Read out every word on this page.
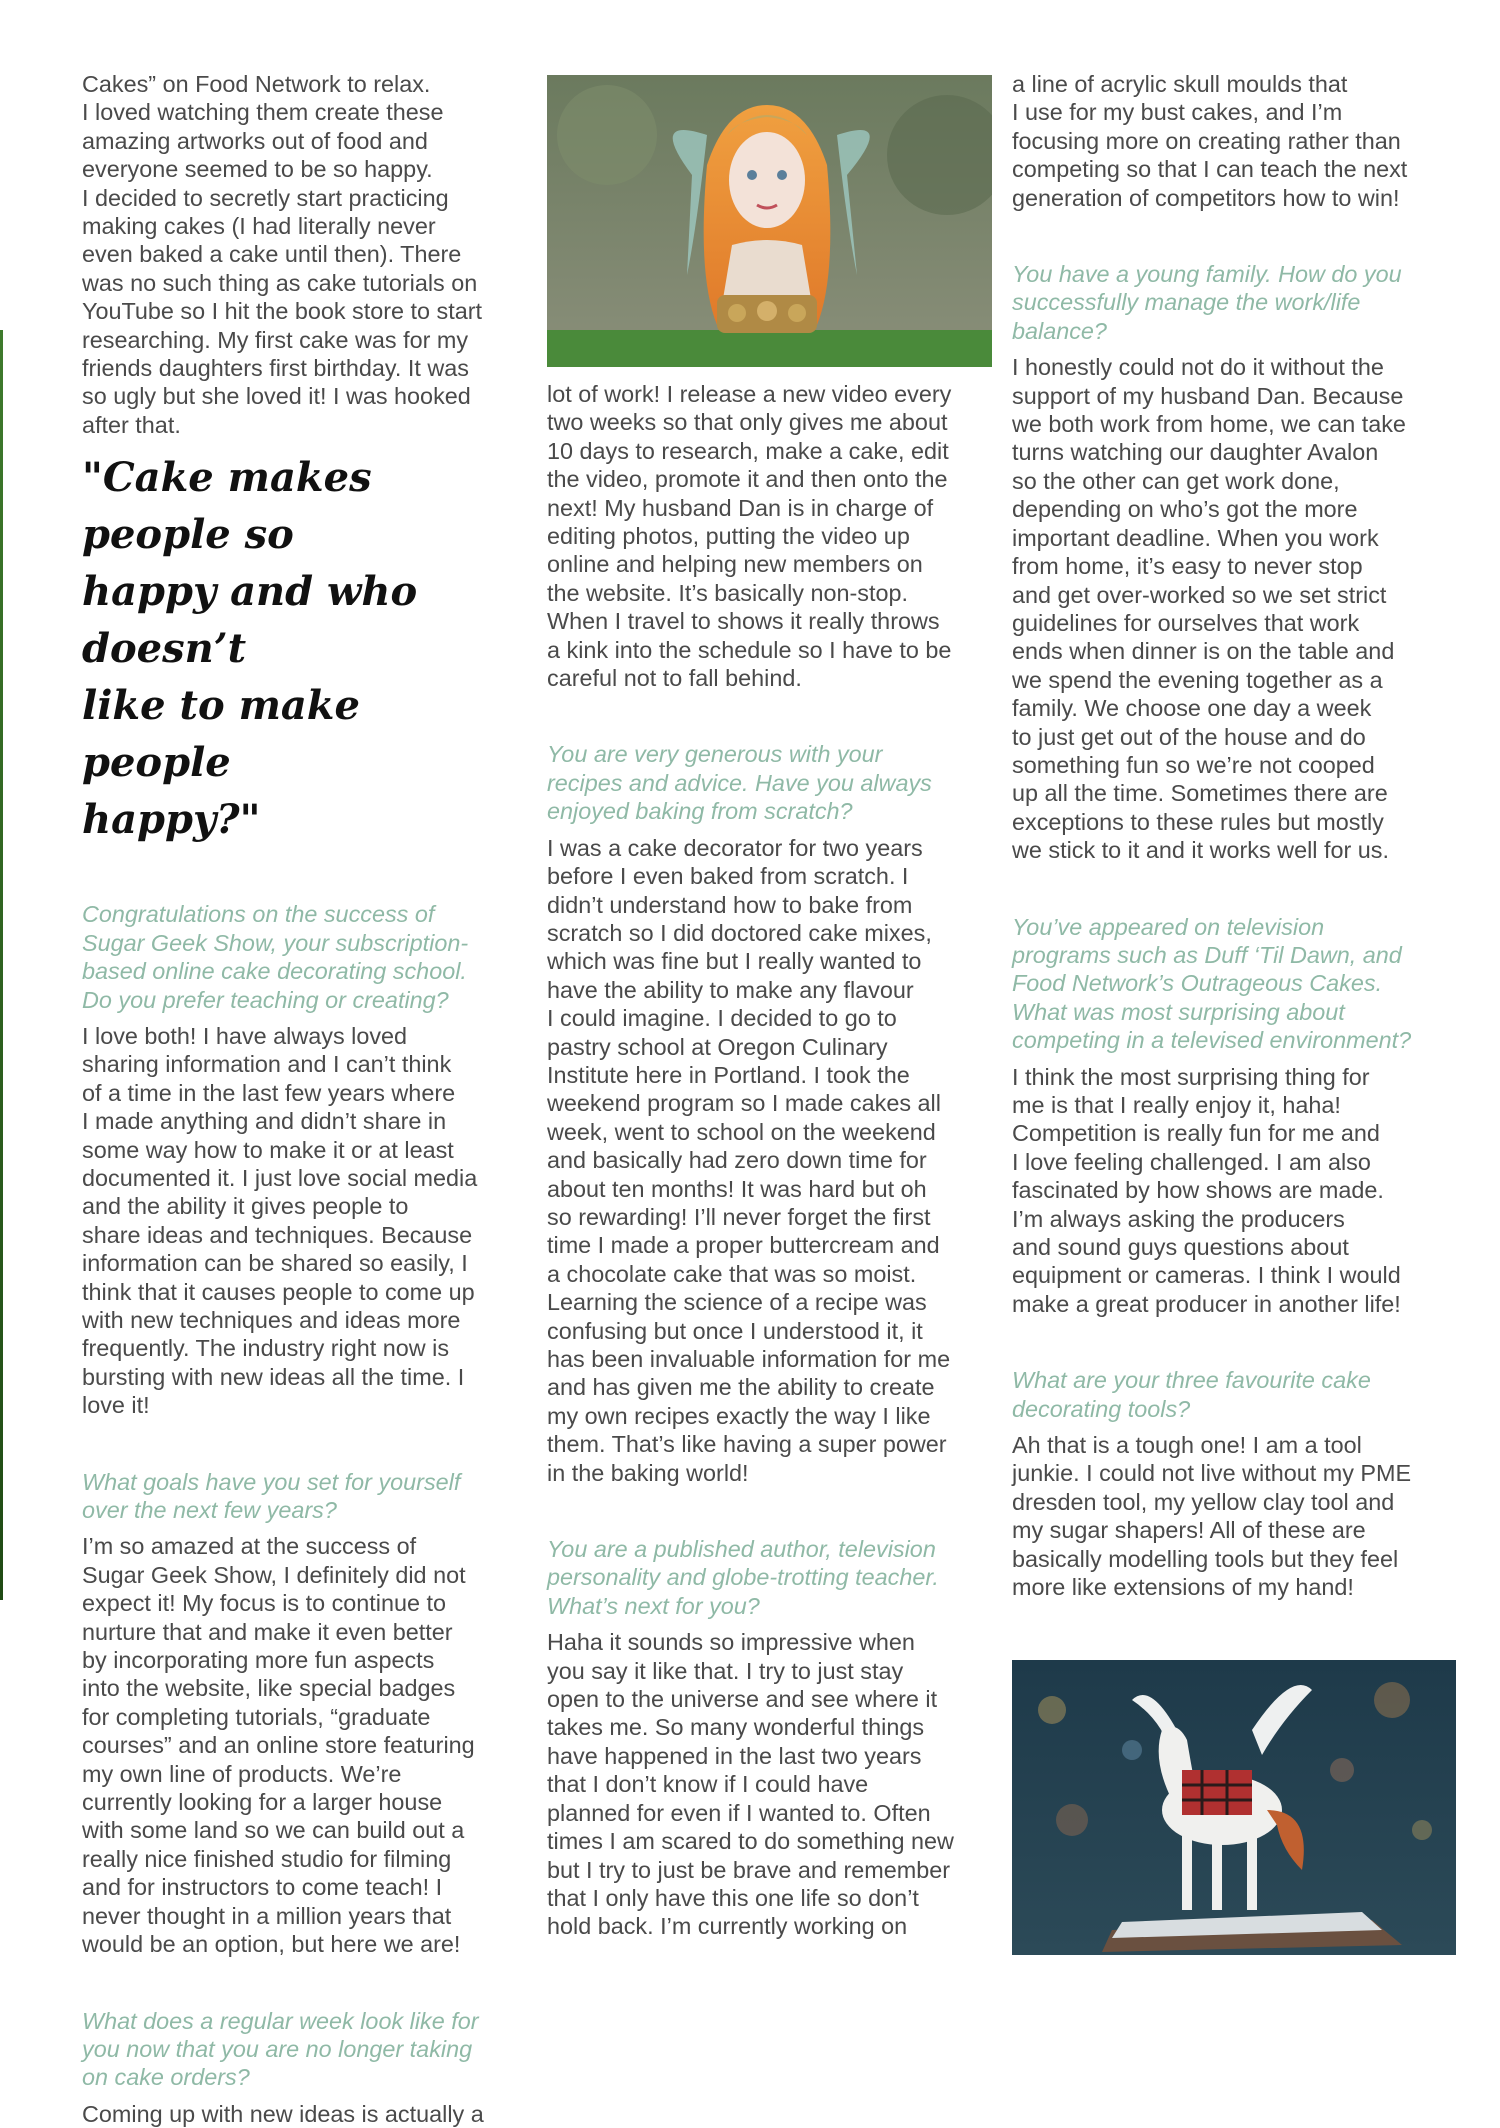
Cakes” on Food Network to relax.
I loved watching them create these
amazing artworks out of food and
everyone seemed to be so happy.
I decided to secretly start practicing
making cakes (I had literally never
even baked a cake until then). There
was no such thing as cake tutorials on
YouTube so I hit the book store to start
researching. My first cake was for my
friends daughters first birthday. It was
so ugly but she loved it! I was hooked
after that.

"Cake makes people so
happy and who doesn’t
like to make people
happy?"

Congratulations on the success of
Sugar Geek Show, your subscription-
based online cake decorating school.
Do you prefer teaching or creating?

I love both! I have always loved
sharing information and I can’t think
of a time in the last few years where
I made anything and didn’t share in
some way how to make it or at least
documented it. I just love social media
and the ability it gives people to
share ideas and techniques. Because
information can be shared so easily, I
think that it causes people to come up
with new techniques and ideas more
frequently. The industry right now is
bursting with new ideas all the time. I
love it!

What goals have you set for yourself
over the next few years?

I’m so amazed at the success of
Sugar Geek Show, I definitely did not
expect it! My focus is to continue to
nurture that and make it even better
by incorporating more fun aspects
into the website, like special badges
for completing tutorials, “graduate
courses” and an online store featuring
my own line of products. We’re
currently looking for a larger house
with some land so we can build out a
really nice finished studio for filming
and for instructors to come teach! I
never thought in a million years that
would be an option, but here we are!

What does a regular week look like for
you now that you are no longer taking
on cake orders?

Coming up with new ideas is actually a

lot of work! I release a new video every
two weeks so that only gives me about
10 days to research, make a cake, edit
the video, promote it and then onto the
next! My husband Dan is in charge of
editing photos, putting the video up
online and helping new members on
the website. It’s basically non-stop.
When I travel to shows it really throws
a kink into the schedule so I have to be
careful not to fall behind.

You are very generous with your
recipes and advice. Have you always
enjoyed baking from scratch?

I was a cake decorator for two years
before I even baked from scratch. I
didn’t understand how to bake from
scratch so I did doctored cake mixes,
which was fine but I really wanted to
have the ability to make any flavour
I could imagine. I decided to go to
pastry school at Oregon Culinary
Institute here in Portland. I took the
weekend program so I made cakes all
week, went to school on the weekend
and basically had zero down time for
about ten months! It was hard but oh
so rewarding! I’ll never forget the first
time I made a proper buttercream and
a chocolate cake that was so moist.
Learning the science of a recipe was
confusing but once I understood it, it
has been invaluable information for me
and has given me the ability to create
my own recipes exactly the way I like
them. That’s like having a super power
in the baking world!

You are a published author, television
personality and globe-trotting teacher.
What’s next for you?

Haha it sounds so impressive when
you say it like that. I try to just stay
open to the universe and see where it
takes me. So many wonderful things
have happened in the last two years
that I don’t know if I could have
planned for even if I wanted to. Often
times I am scared to do something new
but I try to just be brave and remember
that I only have this one life so don’t
hold back. I’m currently working on

a line of acrylic skull moulds that
I use for my bust cakes, and I’m
focusing more on creating rather than
competing so that I can teach the next
generation of competitors how to win!

You have a young family. How do you
successfully manage the work/life
balance?

I honestly could not do it without the
support of my husband Dan. Because
we both work from home, we can take
turns watching our daughter Avalon
so the other can get work done,
depending on who’s got the more
important deadline. When you work
from home, it’s easy to never stop
and get over-worked so we set strict
guidelines for ourselves that work
ends when dinner is on the table and
we spend the evening together as a
family. We choose one day a week
to just get out of the house and do
something fun so we’re not cooped
up all the time. Sometimes there are
exceptions to these rules but mostly
we stick to it and it works well for us.

You’ve appeared on television
programs such as Duff ‘Til Dawn, and
Food Network’s Outrageous Cakes.
What was most surprising about
competing in a televised environment?

I think the most surprising thing for
me is that I really enjoy it, haha!
Competition is really fun for me and
I love feeling challenged. I am also
fascinated by how shows are made.
I’m always asking the producers
and sound guys questions about
equipment or cameras. I think I would
make a great producer in another life!

What are your three favourite cake
decorating tools?

Ah that is a tough one! I am a tool
junkie. I could not live without my PME
dresden tool, my yellow clay tool and
my sugar shapers! All of these are
basically modelling tools but they feel
more like extensions of my hand!
